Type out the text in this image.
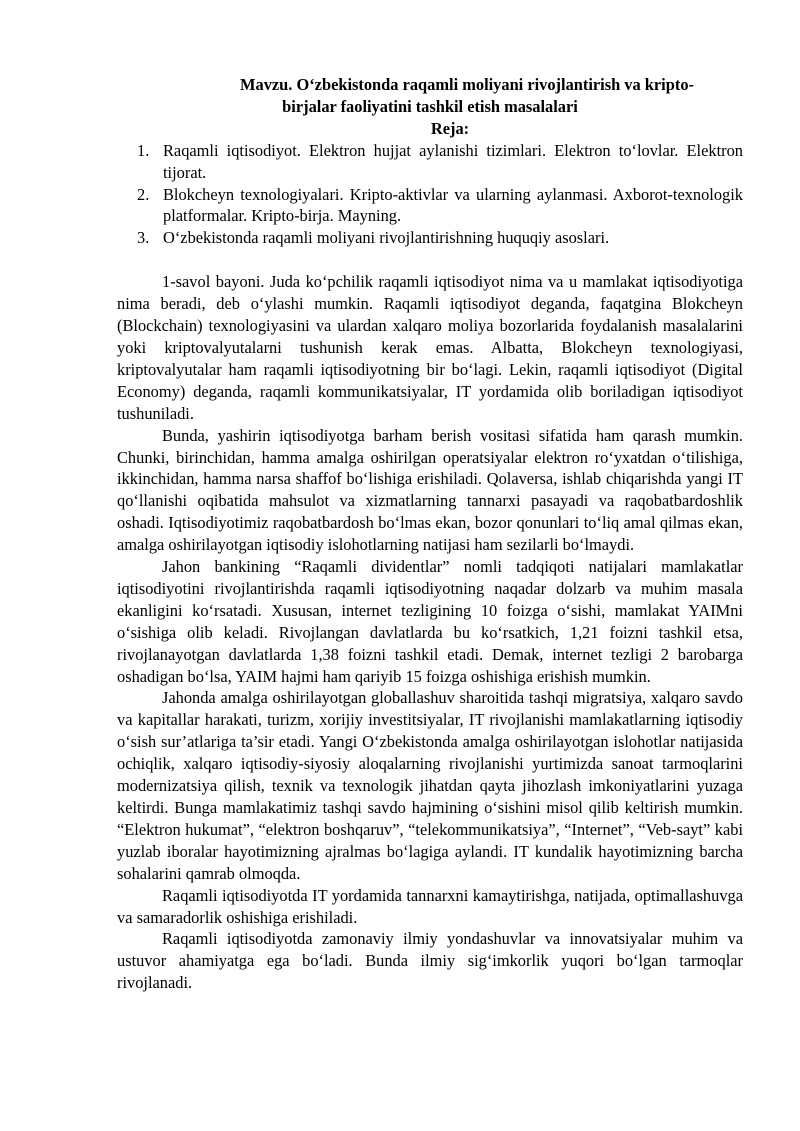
Mavzu. O‘zbekistonda raqamli moliyani rivojlantirish va kripto-
birjalar faoliyatini tashkil etish masalalari
Reja:
1. Raqamli iqtisodiyot. Elektron hujjat aylanishi tizimlari. Elektron to‘lovlar. Elektron tijorat.
2. Blokcheyn texnologiyalari. Kripto-aktivlar va ularning aylanmasi. Axborot-texnologik platformalar. Kripto-birja. Mayning.
3. O‘zbekistonda raqamli moliyani rivojlantirishning huquqiy asoslari.

1-savol bayoni. Juda ko‘pchilik raqamli iqtisodiyot nima va u mamlakat iqtisodiyotiga nima beradi, deb o‘ylashi mumkin. Raqamli iqtisodiyot deganda, faqatgina Blokcheyn (Blockchain) texnologiyasini va ulardan xalqaro moliya bozorlarida foydalanish masalalarini yoki kriptovalyutalarni tushunish kerak emas. Albatta, Blokcheyn texnologiyasi, kriptovalyutalar ham raqamli iqtisodiyotning bir bo‘lagi. Lekin, raqamli iqtisodiyot (Digital Economy) deganda, raqamli kommunikatsiyalar, IT yordamida olib boriladigan iqtisodiyot tushuniladi.

Bunda, yashirin iqtisodiyotga barham berish vositasi sifatida ham qarash mumkin. Chunki, birinchidan, hamma amalga oshirilgan operatsiyalar elektron ro‘yxatdan o‘tilishiga, ikkinchidan, hamma narsa shaffof bo‘lishiga erishiladi. Qolaversa, ishlab chiqarishda yangi IT qo‘llanishi oqibatida mahsulot va xizmatlarning tannarxi pasayadi va raqobatbardoshlik oshadi. Iqtisodiyotimiz raqobatbardosh bo‘lmas ekan, bozor qonunlari to‘liq amal qilmas ekan, amalga oshirilayotgan iqtisodiy islohotlarning natijasi ham sezilarli bo‘lmaydi.

Jahon bankining “Raqamli dividentlar” nomli tadqiqoti natijalari mamlakatlar iqtisodiyotini rivojlantirishda raqamli iqtisodiyotning naqadar dolzarb va muhim masala ekanligini ko‘rsatadi. Xususan, internet tezligining 10 foizga o‘sishi, mamlakat YAIMni o‘sishiga olib keladi. Rivojlangan davlatlarda bu ko‘rsatkich, 1,21 foizni tashkil etsa, rivojlanayotgan davlatlarda 1,38 foizni tashkil etadi. Demak, internet tezligi 2 barobarga oshadigan bo‘lsa, YAIM hajmi ham qariyib 15 foizga oshishiga erishish mumkin.

Jahonda amalga oshirilayotgan globallashuv sharoitida tashqi migratsiya, xalqaro savdo va kapitallar harakati, turizm, xorijiy investitsiyalar, IT rivojlanishi mamlakatlarning iqtisodiy o‘sish sur’atlariga ta’sir etadi. Yangi O‘zbekistonda amalga oshirilayotgan islohotlar natijasida ochiqlik, xalqaro iqtisodiy-siyosiy aloqalarning rivojlanishi yurtimizda sanoat tarmoqlarini modernizatsiya qilish, texnik va texnologik jihatdan qayta jihozlash imkoniyatlarini yuzaga keltirdi. Bunga mamlakatimiz tashqi savdo hajmining o‘sishini misol qilib keltirish mumkin. “Elektron hukumat”, “elektron boshqaruv”, “telekommunikatsiya”, “Internet”, “Veb-sayt” kabi yuzlab iboralar hayotimizning ajralmas bo‘lagiga aylandi. IT kundalik hayotimizning barcha sohalarini qamrab olmoqda.

Raqamli iqtisodiyotda IT yordamida tannarxni kamaytirishga, natijada, optimallashuvga va samaradorlik oshishiga erishiladi.

Raqamli iqtisodiyotda zamonaviy ilmiy yondashuvlar va innovatsiyalar muhim va ustuvor ahamiyatga ega bo‘ladi. Bunda ilmiy sig‘imkorlik yuqori bo‘lgan tarmoqlar rivojlanadi.
